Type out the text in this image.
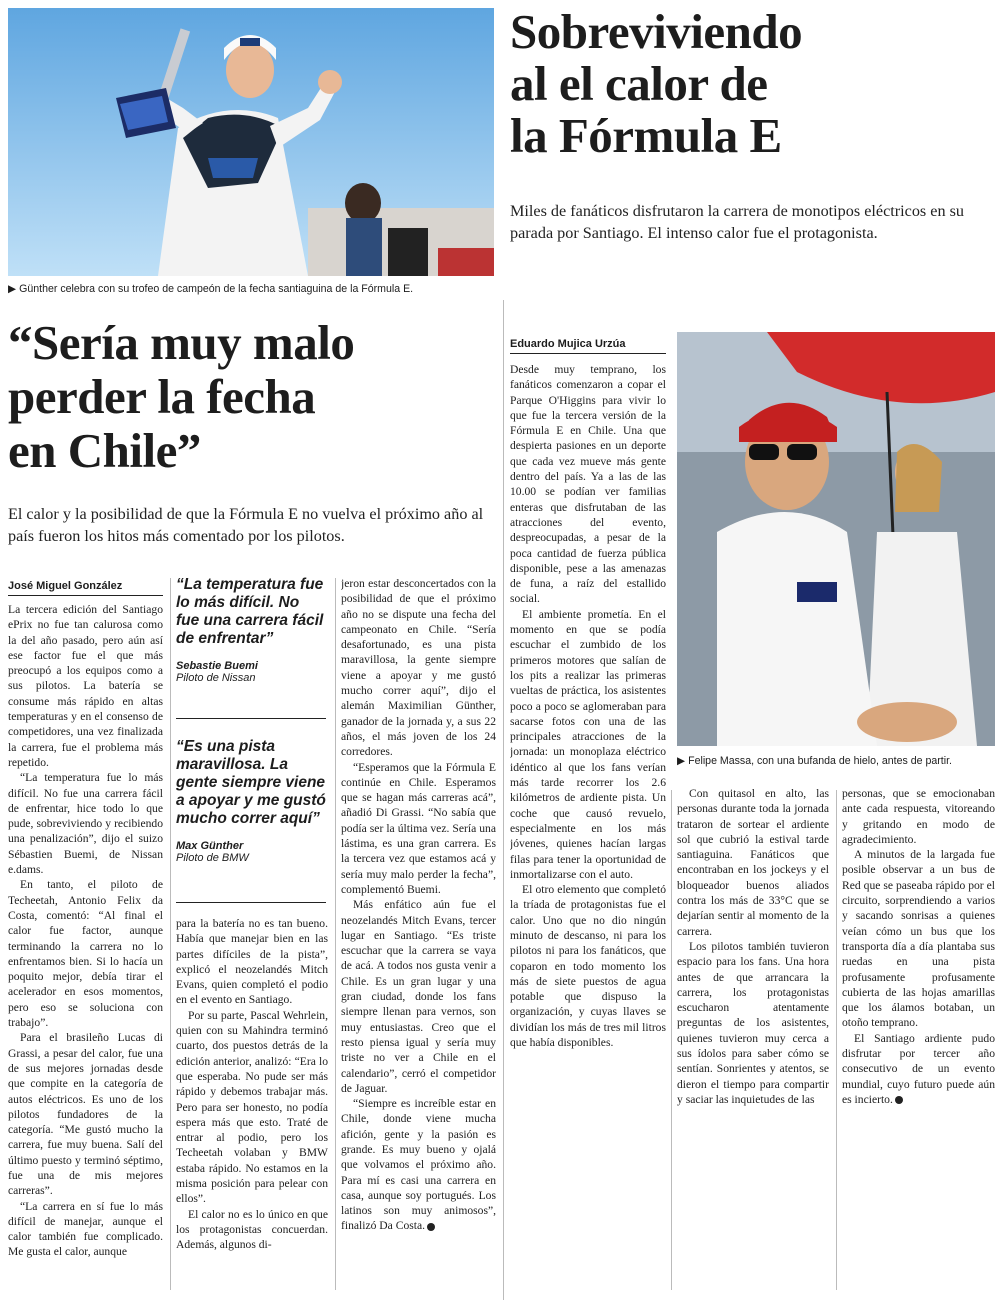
▶ Günther celebra con su trofeo de campeón de la fecha santiaguina de la Fórmula E.
Sobreviviendo
al el calor de
la Fórmula E
Miles de fanáticos disfrutaron la carrera de monotipos eléctricos en su parada por Santiago. El intenso calor fue el protagonista.
“Sería muy malo
perder la fecha
en Chile”
El calor y la posibilidad de que la Fórmula E no vuelva el próximo año al país fueron los hitos más comentado por los pilotos.
José Miguel González

La tercera edición del Santiago ePrix no fue tan calurosa como la del año pasado, pero aún así ese factor fue el que más preocupó a los equipos como a sus pilotos. La batería se consume más rápido en altas temperaturas y en el consenso de competidores, una vez finalizada la carrera, fue el problema más repetido.

“La temperatura fue lo más difícil. No fue una carrera fácil de enfrentar, hice todo lo que pude, sobreviviendo y recibiendo una penalización”, dijo el suizo Sébastien Buemi, de Nissan e.dams.

En tanto, el piloto de Techeetah, Antonio Felix da Costa, comentó: “Al final el calor fue factor, aunque terminando la carrera no lo enfrentamos bien. Si lo hacía un poquito mejor, debía tirar el acelerador en esos momentos, pero eso se soluciona con trabajo”.

Para el brasileño Lucas di Grassi, a pesar del calor, fue una de sus mejores jornadas desde que compite en la categoría de autos eléctricos. Es uno de los pilotos fundadores de la categoría. “Me gustó mucho la carrera, fue muy buena. Salí del último puesto y terminó séptimo, fue una de mis mejores carreras”.

“La carrera en sí fue lo más difícil de manejar, aunque el calor también fue complicado. Me gusta el calor, aunque

“La temperatura fue lo más difícil. No fue una carrera fácil de enfrentar”
Sebastie Buemi
Piloto de Nissan
“Es una pista maravillosa. La gente siempre viene a apoyar y me gustó mucho correr aquí”
Max Günther
Piloto de BMW

para la batería no es tan bueno. Había que manejar bien en las partes difíciles de la pista”, explicó el neozelandés Mitch Evans, quien completó el podio en el evento en Santiago.

Por su parte, Pascal Wehrlein, quien con su Mahindra terminó cuarto, dos puestos detrás de la edición anterior, analizó: “Era lo que esperaba. No pude ser más rápido y debemos trabajar más. Pero para ser honesto, no podía espera más que esto. Traté de entrar al podio, pero los Techeetah volaban y BMW estaba rápido. No estamos en la misma posición para pelear con ellos”.

El calor no es lo único en que los protagonistas concuerdan. Además, algunos di-

jeron estar desconcertados con la posibilidad de que el próximo año no se dispute una fecha del campeonato en Chile. “Sería desafortunado, es una pista maravillosa, la gente siempre viene a apoyar y me gustó mucho correr aquí”, dijo el alemán Maximilian Günther, ganador de la jornada y, a sus 22 años, el más joven de los 24 corredores.

“Esperamos que la Fórmula E continúe en Chile. Esperamos que se hagan más carreras acá”, añadió Di Grassi. “No sabía que podía ser la última vez. Sería una lástima, es una gran carrera. Es la tercera vez que estamos acá y sería muy malo perder la fecha”, complementó Buemi.

Más enfático aún fue el neozelandés Mitch Evans, tercer lugar en Santiago. “Es triste escuchar que la carrera se vaya de acá. A todos nos gusta venir a Chile. Es un gran lugar y una gran ciudad, donde los fans siempre llenan para vernos, son muy entusiastas. Creo que el resto piensa igual y sería muy triste no ver a Chile en el calendario”, cerró el competidor de Jaguar.

“Siempre es increíble estar en Chile, donde viene mucha afición, gente y la pasión es grande. Es muy bueno y ojalá que volvamos el próximo año. Para mí es casi una carrera en casa, aunque soy portugués. Los latinos son muy animosos”, finalizó Da Costa.

Eduardo Mujica Urzúa

Desde muy temprano, los fanáticos comenzaron a copar el Parque O'Higgins para vivir lo que fue la tercera versión de la Fórmula E en Chile. Una que despierta pasiones en un deporte que cada vez mueve más gente dentro del país. Ya a las de las 10.00 se podían ver familias enteras que disfrutaban de las atracciones del evento, despreocupadas, a pesar de la poca cantidad de fuerza pública disponible, pese a las amenazas de funa, a raíz del estallido social.

El ambiente prometía. En el momento en que se podía escuchar el zumbido de los primeros motores que salían de los pits a realizar las primeras vueltas de práctica, los asistentes poco a poco se aglomeraban para sacarse fotos con una de las principales atracciones de la jornada: un monoplaza eléctrico idéntico al que los fans verían más tarde recorrer los 2.6 kilómetros de ardiente pista. Un coche que causó revuelo, especialmente en los más jóvenes, quienes hacían largas filas para tener la oportunidad de inmortalizarse con el auto.

El otro elemento que completó la tríada de protagonistas fue el calor. Uno que no dio ningún minuto de descanso, ni para los pilotos ni para los fanáticos, que coparon en todo momento los más de siete puestos de agua potable que dispuso la organización, y cuyas llaves se dividían los más de tres mil litros que había disponibles.

▶ Felipe Massa, con una bufanda de hielo, antes de partir.

Con quitasol en alto, las personas durante toda la jornada trataron de sortear el ardiente sol que cubrió la estival tarde santiaguina. Fanáticos que encontraban en los jockeys y el bloqueador buenos aliados contra los más de 33°C que se dejarían sentir al momento de la carrera.

Los pilotos también tuvieron espacio para los fans. Una hora antes de que arrancara la carrera, los protagonistas escucharon atentamente preguntas de los asistentes, quienes tuvieron muy cerca a sus ídolos para saber cómo se sentían. Sonrientes y atentos, se dieron el tiempo para compartir y saciar las inquietudes de las

personas, que se emocionaban ante cada respuesta, vitoreando y gritando en modo de agradecimiento.

A minutos de la largada fue posible observar a un bus de Red que se paseaba rápido por el circuito, sorprendiendo a varios y sacando sonrisas a quienes veían cómo un bus que los transporta día a día plantaba sus ruedas en una pista profusamente profusamente cubierta de las hojas amarillas que los álamos botaban, un otoño temprano.

El Santiago ardiente pudo disfrutar por tercer año consecutivo de un evento mundial, cuyo futuro puede aún es incierto.
